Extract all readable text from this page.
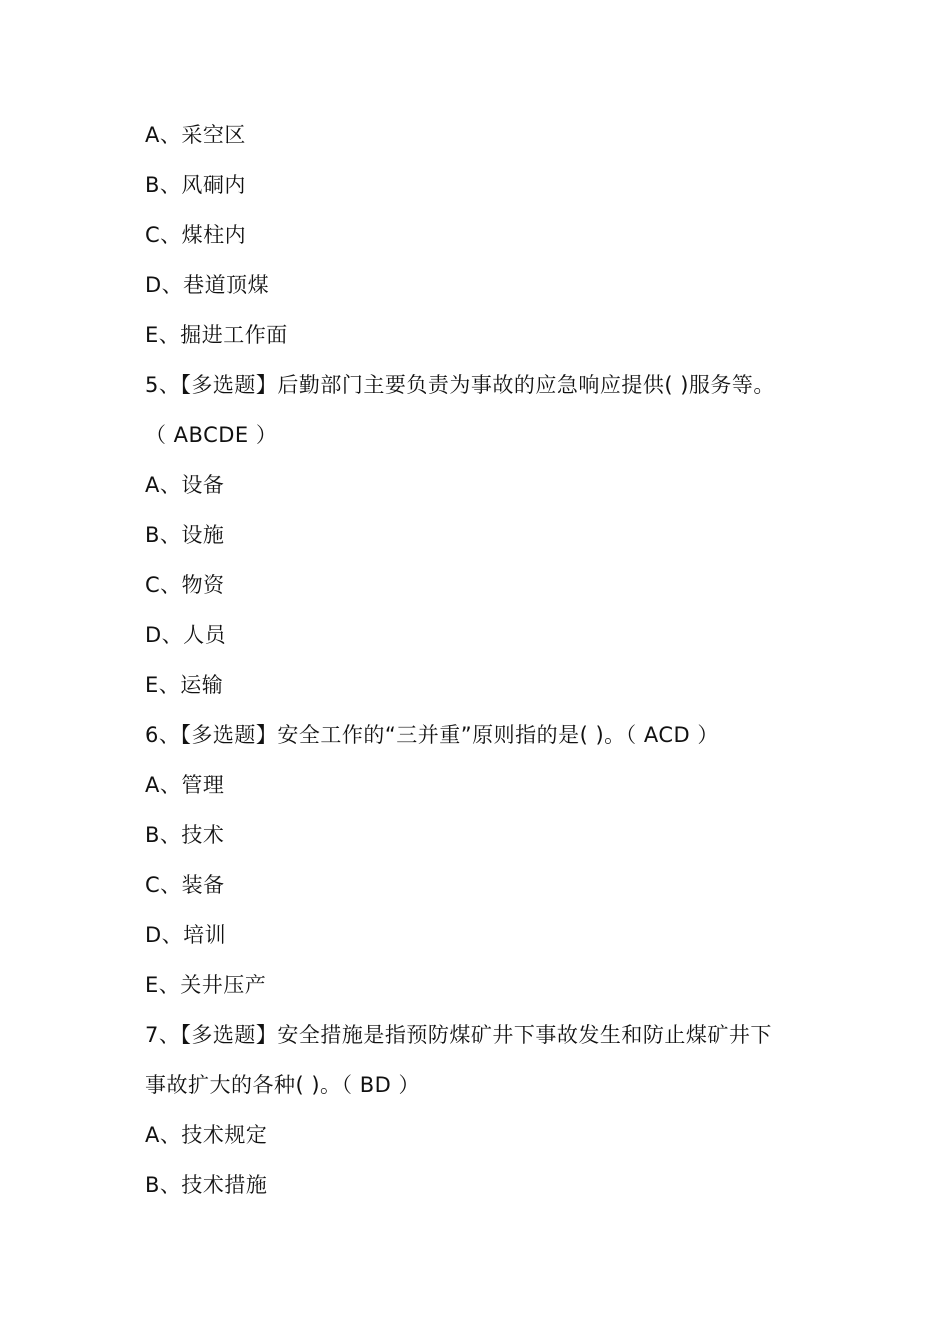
A、采空区
B、风硐内
C、煤柱内
D、巷道顶煤
E、掘进工作面
5、【多选题】后勤部门主要负责为事故的应急响应提供( )服务等。
（ ABCDE ）
A、设备
B、设施
C、物资
D、人员
E、运输
6、【多选题】安全工作的“三并重”原则指的是( )。（ ACD ）
A、管理
B、技术
C、装备
D、培训
E、关井压产
7、【多选题】安全措施是指预防煤矿井下事故发生和防止煤矿井下
事故扩大的各种( )。（ BD ）
A、技术规定
B、技术措施
